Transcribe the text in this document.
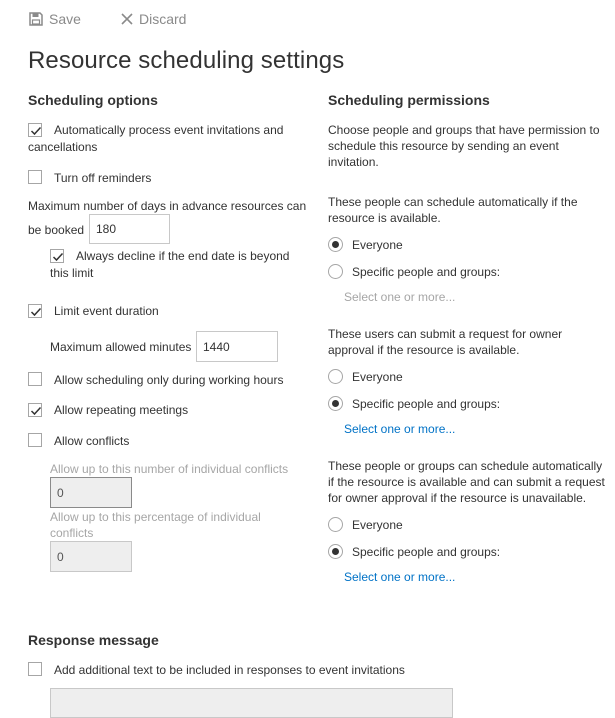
Save	Discard
Resource scheduling settings
Scheduling options
Automatically process event invitations and
cancellations
Turn off reminders
Maximum number of days in advance resources can
be booked 180
Always decline if the end date is beyond
this limit
Limit event duration
Maximum allowed minutes 1440
Allow scheduling only during working hours
Allow repeating meetings
Allow conflicts
Allow up to this number of individual conflicts
0
Allow up to this percentage of individual
conflicts
0
Scheduling permissions
Choose people and groups that have permission to
schedule this resource by sending an event
invitation.
These people can schedule automatically if the
resource is available.
Everyone
Specific people and groups:
Select one or more...
These users can submit a request for owner
approval if the resource is available.
Everyone
Specific people and groups:
Select one or more...
These people or groups can schedule automatically
if the resource is available and can submit a request
for owner approval if the resource is unavailable.
Everyone
Specific people and groups:
Select one or more...
Response message
Add additional text to be included in responses to event invitations
